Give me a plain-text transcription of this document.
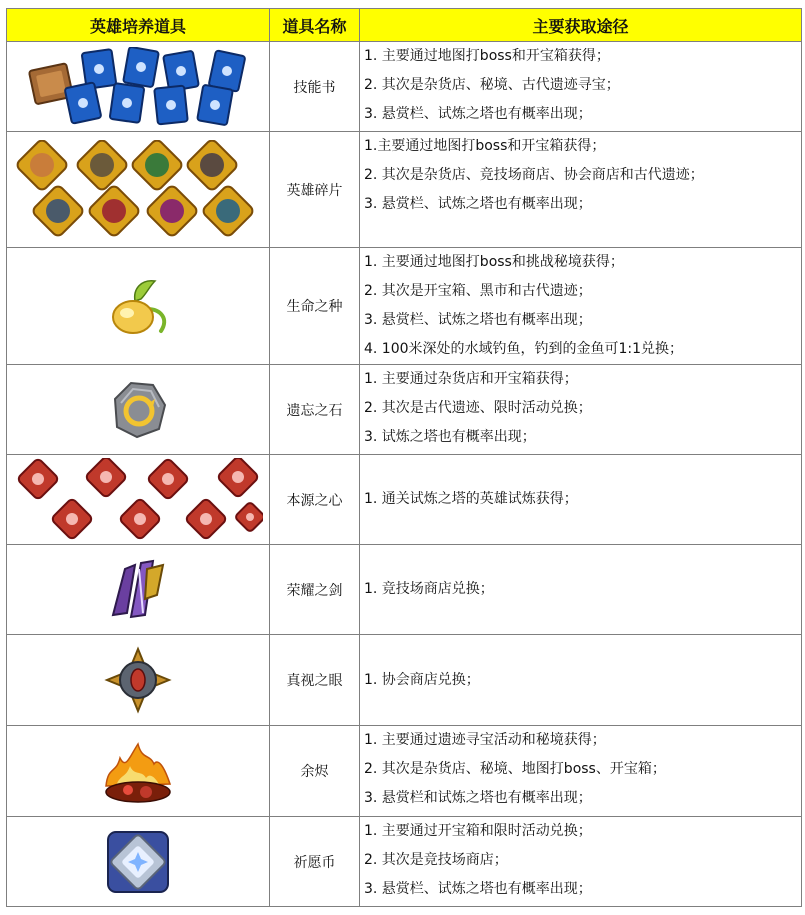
英雄培养道具	道具名称	主要获取途径

	技能书	1. 主要通过地图打boss和开宝箱获得；
2. 其次是杂货店、秘境、古代遗迹寻宝；
3. 悬赏栏、试炼之塔也有概率出现；

	英雄碎片	1.主要通过地图打boss和开宝箱获得；
2. 其次是杂货店、竞技场商店、协会商店和古代遗迹；
3. 悬赏栏、试炼之塔也有概率出现；

	生命之种	1. 主要通过地图打boss和挑战秘境获得；
2. 其次是开宝箱、黑市和古代遗迹；
3. 悬赏栏、试炼之塔也有概率出现；
4. 100米深处的水域钓鱼，钓到的金鱼可1:1兑换；

	遗忘之石	1. 主要通过杂货店和开宝箱获得；
2. 其次是古代遗迹、限时活动兑换；
3. 试炼之塔也有概率出现；

	本源之心	1. 通关试炼之塔的英雄试炼获得；

	荣耀之剑	1. 竞技场商店兑换；

	真视之眼	1. 协会商店兑换；

	余烬	1. 主要通过遗迹寻宝活动和秘境获得；
2. 其次是杂货店、秘境、地图打boss、开宝箱；
3. 悬赏栏和试炼之塔也有概率出现；

	祈愿币	1. 主要通过开宝箱和限时活动兑换；
2. 其次是竞技场商店；
3. 悬赏栏、试炼之塔也有概率出现；
